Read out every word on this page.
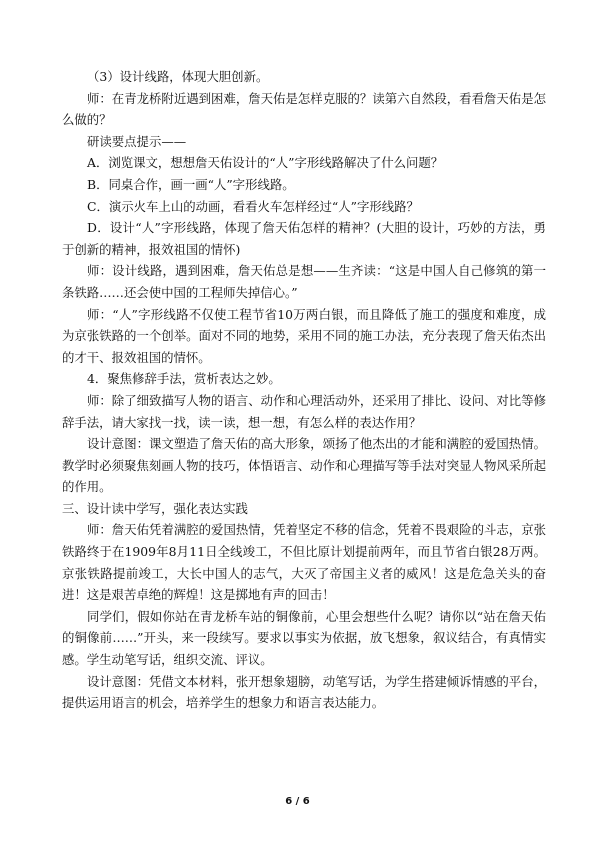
（3）设计线路，体现大胆创新。

师：在青龙桥附近遇到困难，詹天佑是怎样克服的？读第六自然段，看看詹天佑是怎么做的？

研读要点提示——

A．浏览课文，想想詹天佑设计的“人”字形线路解决了什么问题？

B．同桌合作，画一画“人”字形线路。

C．演示火车上山的动画，看看火车怎样经过“人”字形线路？

D．设计“人”字形线路，体现了詹天佑怎样的精神？(大胆的设计，巧妙的方法，勇于创新的精神，报效祖国的情怀)

师：设计线路，遇到困难，詹天佑总是想——生齐读：“这是中国人自己修筑的第一条铁路……还会使中国的工程师失掉信心。”

师：“人”字形线路不仅使工程节省10万两白银，而且降低了施工的强度和难度，成为京张铁路的一个创举。面对不同的地势，采用不同的施工办法，充分表现了詹天佑杰出的才干、报效祖国的情怀。

4．聚焦修辞手法，赏析表达之妙。

师：除了细致描写人物的语言、动作和心理活动外，还采用了排比、设问、对比等修辞手法，请大家找一找，读一读，想一想，有怎么样的表达作用？

设计意图：课文塑造了詹天佑的高大形象，颂扬了他杰出的才能和满腔的爱国热情。教学时必须聚焦刻画人物的技巧，体悟语言、动作和心理描写等手法对突显人物风采所起的作用。

三、设计读中学写，强化表达实践

师：詹天佑凭着满腔的爱国热情，凭着坚定不移的信念，凭着不畏艰险的斗志，京张铁路终于在1909年8月11日全线竣工，不但比原计划提前两年，而且节省白银28万两。京张铁路提前竣工，大长中国人的志气，大灭了帝国主义者的威风！这是危急关头的奋进！这是艰苦卓绝的辉煌！这是掷地有声的回击！

同学们，假如你站在青龙桥车站的铜像前，心里会想些什么呢？请你以“站在詹天佑的铜像前……”开头，来一段续写。要求以事实为依据，放飞想象，叙议结合，有真情实感。学生动笔写话，组织交流、评议。

设计意图：凭借文本材料，张开想象翅膀，动笔写话，为学生搭建倾诉情感的平台，提供运用语言的机会，培养学生的想象力和语言表达能力。

6 / 6
